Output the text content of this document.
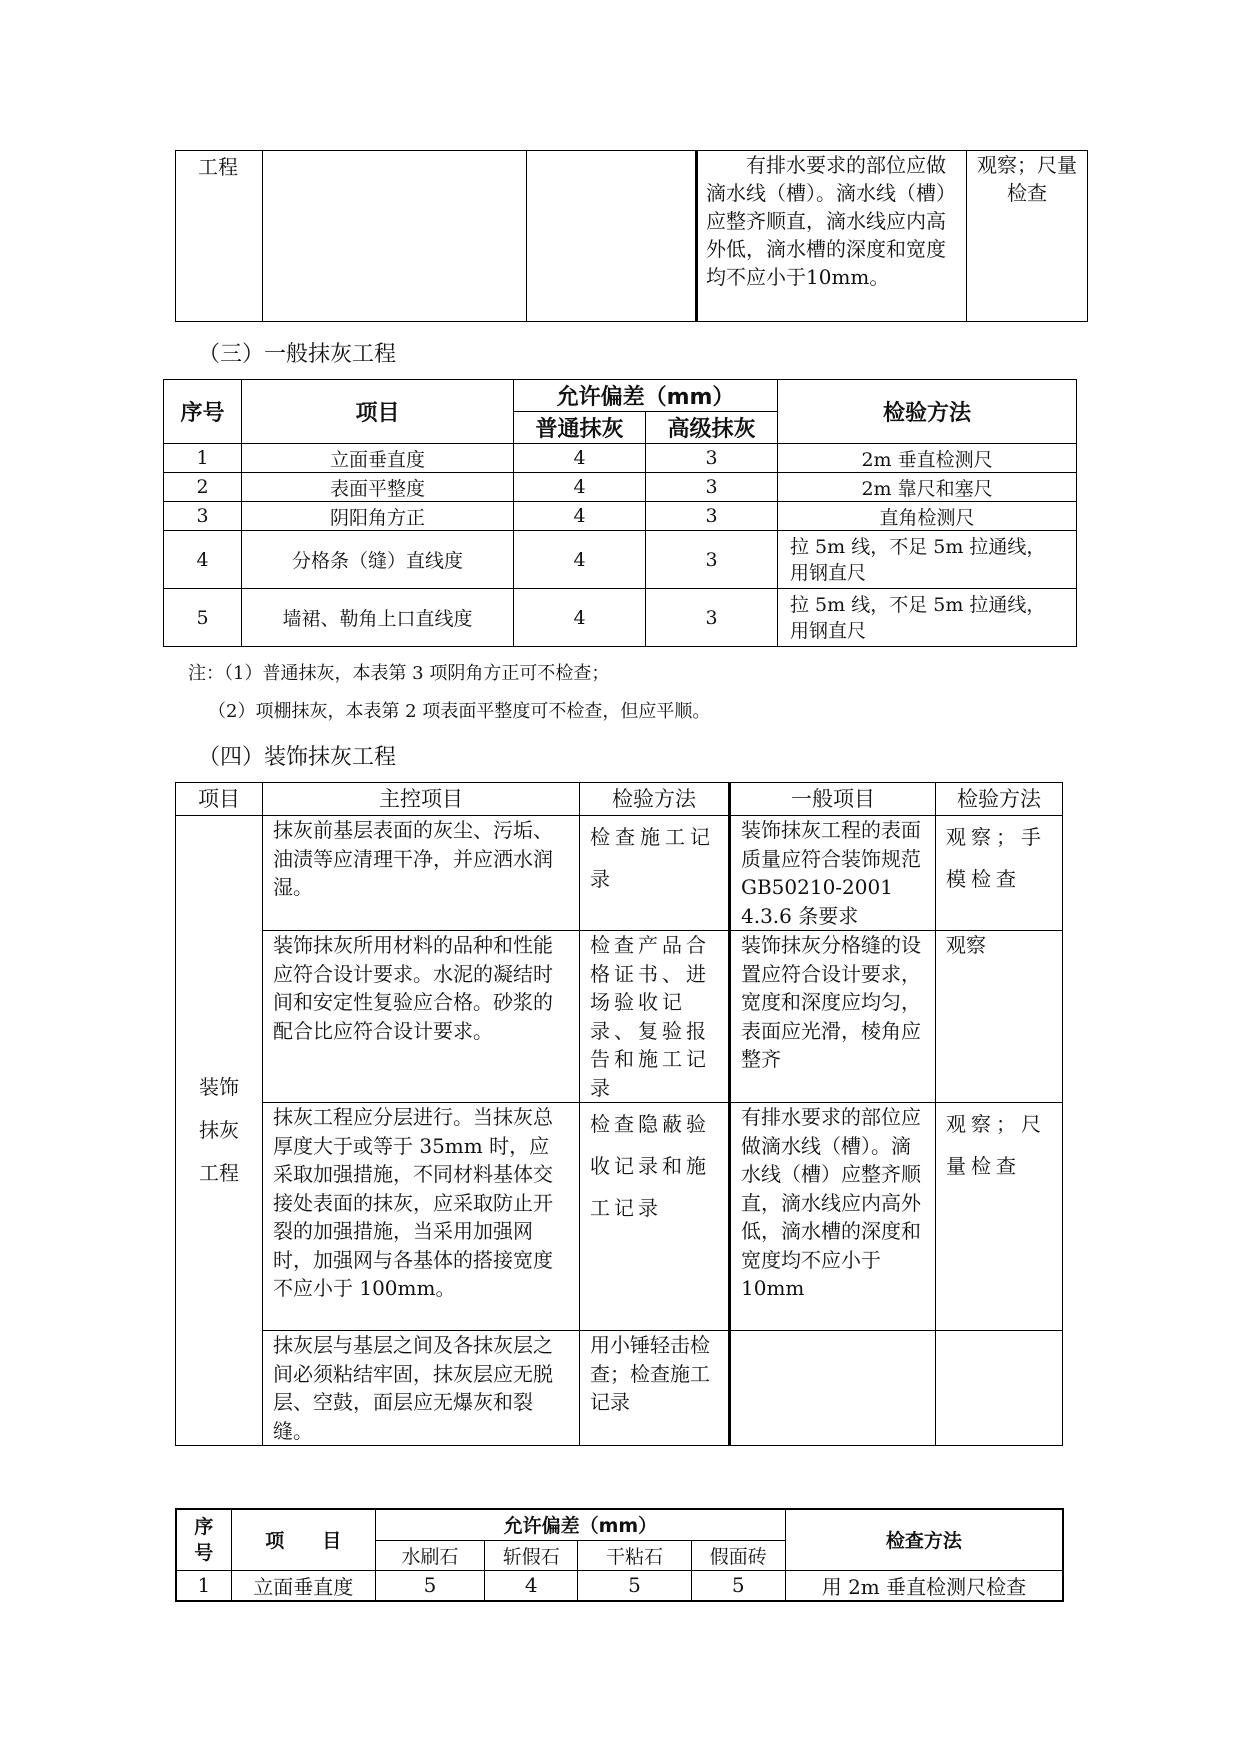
工程			有排水要求的部位应做滴水线（槽）。滴水线（槽）应整齐顺直，滴水线应内高外低，滴水槽的深度和宽度均不应小于10mm。	观察；尺量检查
（三）一般抹灰工程
序号	项目	允许偏差（mm）		检验方法
		普通抹灰	高级抹灰	
1	立面垂直度	4	3	2m 垂直检测尺
2	表面平整度	4	3	2m 靠尺和塞尺
3	阴阳角方正	4	3	直角检测尺
4	分格条（缝）直线度	4	3	拉 5m 线，不足 5m 拉通线，用钢直尺
5	墙裙、勒角上口直线度	4	3	拉 5m 线，不足 5m 拉通线，用钢直尺
注：（1）普通抹灰，本表第 3 项阴角方正可不检查；
（2）项棚抹灰，本表第 2 项表面平整度可不检查，但应平顺。
（四）装饰抹灰工程
项目	主控项目	检验方法	一般项目	检验方法
装饰抹灰工程	抹灰前基层表面的灰尘、污垢、油渍等应清理干净，并应洒水润湿。	检查施工记录	装饰抹灰工程的表面质量应符合装饰规范 GB50210-2001 4.3.6 条要求	观察；手模检查
	装饰抹灰所用材料的品种和性能应符合设计要求。水泥的凝结时间和安定性复验应合格。砂浆的配合比应符合设计要求。	检查产品合格证书、进场验收记录、复验报告和施工记录	装饰抹灰分格缝的设置应符合设计要求，宽度和深度应均匀，表面应光滑，棱角应整齐	观察
	抹灰工程应分层进行。当抹灰总厚度大于或等于 35mm 时，应采取加强措施，不同材料基体交接处表面的抹灰，应采取防止开裂的加强措施，当采用加强网时，加强网与各基体的搭接宽度不应小于 100mm。	检查隐蔽验收记录和施工记录	有排水要求的部位应做滴水线（槽）。滴水线（槽）应整齐顺直，滴水线应内高外低，滴水槽的深度和宽度均不应小于 10mm	观察；尺量检查
	抹灰层与基层之间及各抹灰层之间必须粘结牢固，抹灰层应无脱层、空鼓，面层应无爆灰和裂缝。	用小锤轻击检查；检查施工记录		
序号	项　　目	允许偏差（mm）				检查方法
		水刷石	斩假石	干粘石	假面砖	
1	立面垂直度	5	4	5	5	用 2m 垂直检测尺检查
